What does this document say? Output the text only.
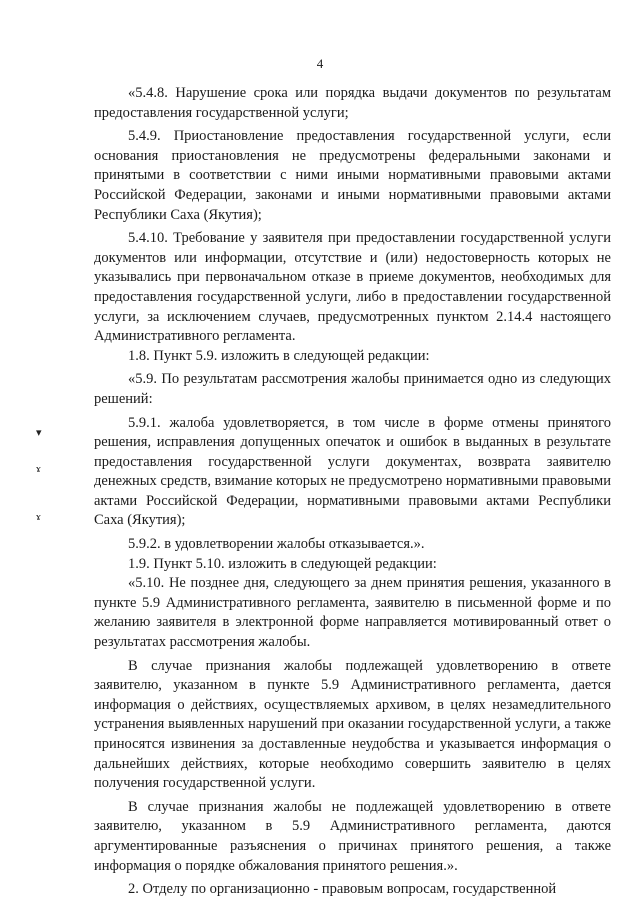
4
▾
ɤ
ɤ

«5.4.8. Нарушение срока или порядка выдачи документов по результатам предоставления государственной услуги;

5.4.9. Приостановление предоставления государственной услуги, если основания приостановления не предусмотрены федеральными законами и принятыми в соответствии с ними иными нормативными правовыми актами Российской Федерации, законами и иными нормативными правовыми актами Республики Саха (Якутия);

5.4.10. Требование у заявителя при предоставлении государственной услуги документов или информации, отсутствие и (или) недостоверность которых не указывались при первоначальном отказе в приеме документов, необходимых для предоставления государственной услуги, либо в предоставлении государственной услуги, за исключением случаев, предусмотренных пунктом 2.14.4 настоящего Административного регламента.

1.8. Пункт 5.9. изложить в следующей редакции:

«5.9. По результатам рассмотрения жалобы принимается одно из следующих решений:

5.9.1. жалоба удовлетворяется, в том числе в форме отмены принятого решения, исправления допущенных опечаток и ошибок в выданных в результате предоставления государственной услуги документах, возврата заявителю денежных средств, взимание которых не предусмотрено нормативными правовыми актами Российской Федерации, нормативными правовыми актами Республики Саха (Якутия);

5.9.2. в удовлетворении жалобы отказывается.».

1.9. Пункт 5.10. изложить в следующей редакции:

«5.10. Не позднее дня, следующего за днем принятия решения, указанного в пункте 5.9 Административного регламента, заявителю в письменной форме и по желанию заявителя в электронной форме направляется мотивированный ответ о результатах рассмотрения жалобы.

В случае признания жалобы подлежащей удовлетворению в ответе заявителю, указанном в пункте 5.9 Административного регламента, дается информация о действиях, осуществляемых архивом, в целях незамедлительного устранения выявленных нарушений при оказании государственной услуги, а также приносятся извинения за доставленные неудобства и указывается информация о дальнейших действиях, которые необходимо совершить заявителю в целях получения государственной услуги.

В случае признания жалобы не подлежащей удовлетворению в ответе заявителю, указанном в 5.9 Административного регламента, даются аргументированные разъяснения о причинах принятого решения, а также информация о порядке обжалования принятого решения.».

2. Отделу по организационно - правовым вопросам, государственной
